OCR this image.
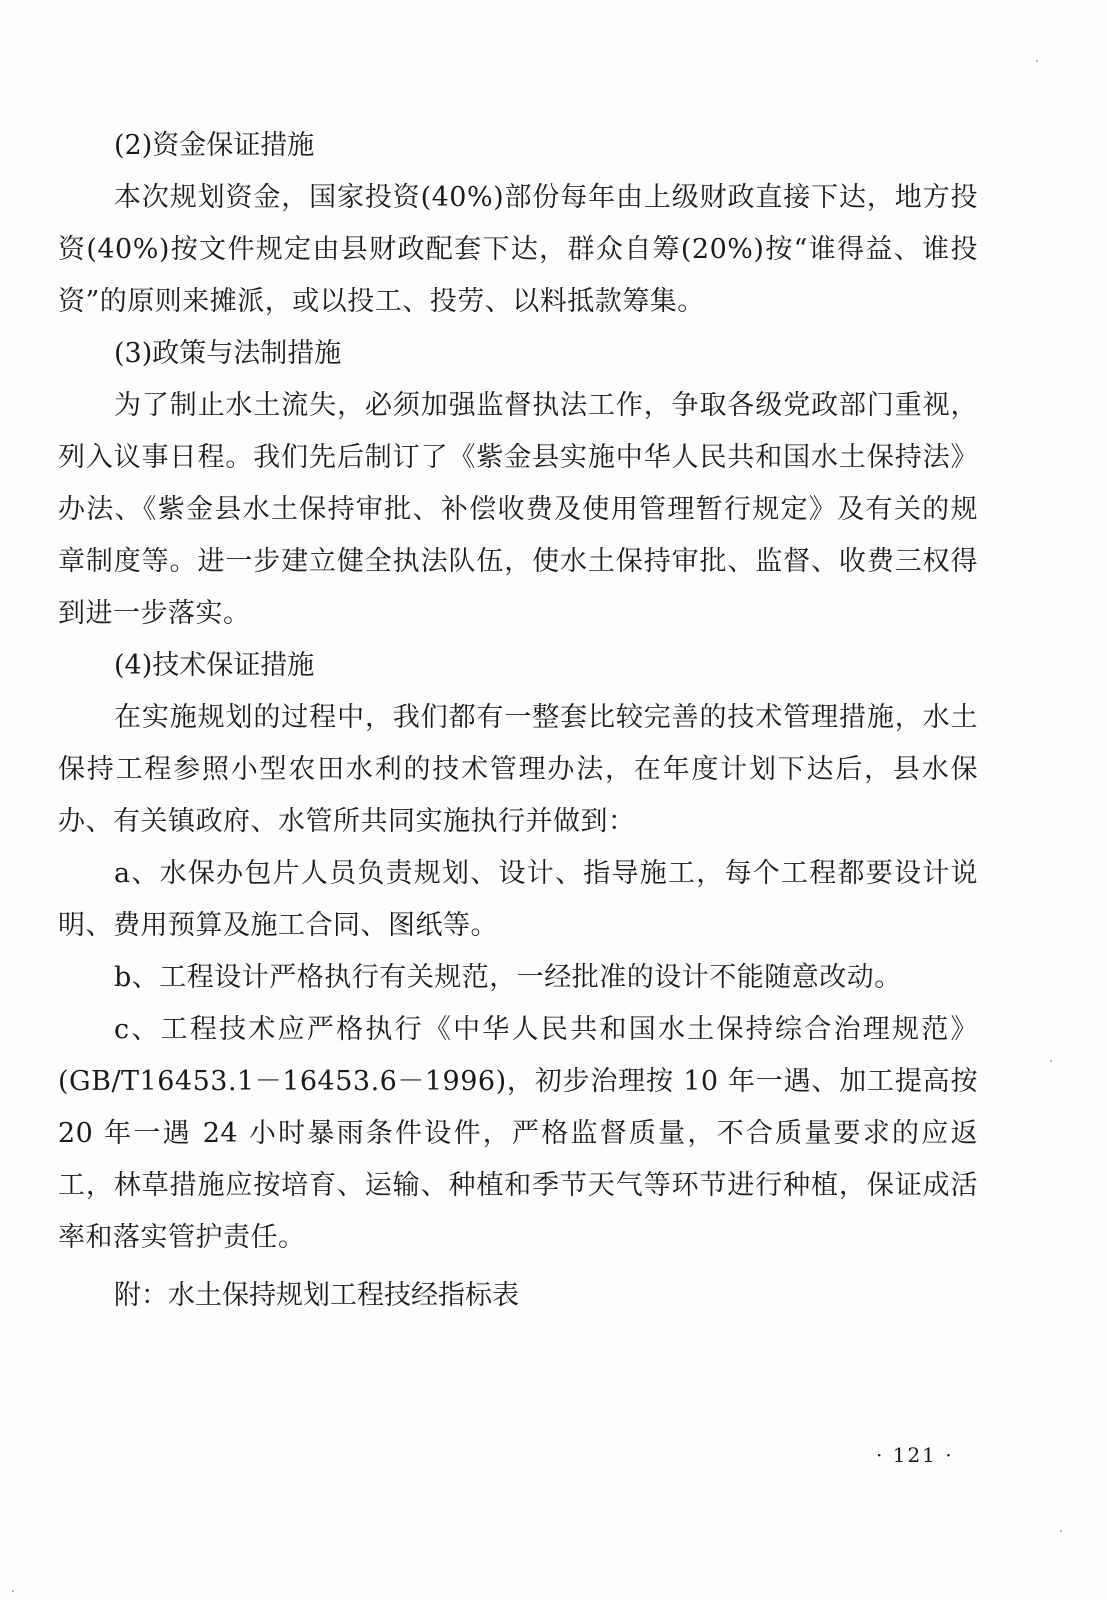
(2)资金保证措施

本次规划资金，国家投资(40%)部份每年由上级财政直接下达，地方投资(40%)按文件规定由县财政配套下达，群众自筹(20%)按“谁得益、谁投资”的原则来摊派，或以投工、投劳、以料抵款筹集。

(3)政策与法制措施

为了制止水土流失，必须加强监督执法工作，争取各级党政部门重视，列入议事日程。我们先后制订了《紫金县实施中华人民共和国水土保持法》办法、《紫金县水土保持审批、补偿收费及使用管理暂行规定》及有关的规章制度等。进一步建立健全执法队伍，使水土保持审批、监督、收费三权得到进一步落实。

(4)技术保证措施

在实施规划的过程中，我们都有一整套比较完善的技术管理措施，水土保持工程参照小型农田水利的技术管理办法，在年度计划下达后，县水保办、有关镇政府、水管所共同实施执行并做到：

a、水保办包片人员负责规划、设计、指导施工，每个工程都要设计说明、费用预算及施工合同、图纸等。

b、工程设计严格执行有关规范，一经批准的设计不能随意改动。

c、工程技术应严格执行《中华人民共和国水土保持综合治理规范》(GB/T16453.1－16453.6－1996)，初步治理按 10 年一遇、加工提高按 20 年一遇 24 小时暴雨条件设件，严格监督质量，不合质量要求的应返工，林草措施应按培育、运输、种植和季节天气等环节进行种植，保证成活率和落实管护责任。

附：水土保持规划工程技经指标表

· 121 ·
